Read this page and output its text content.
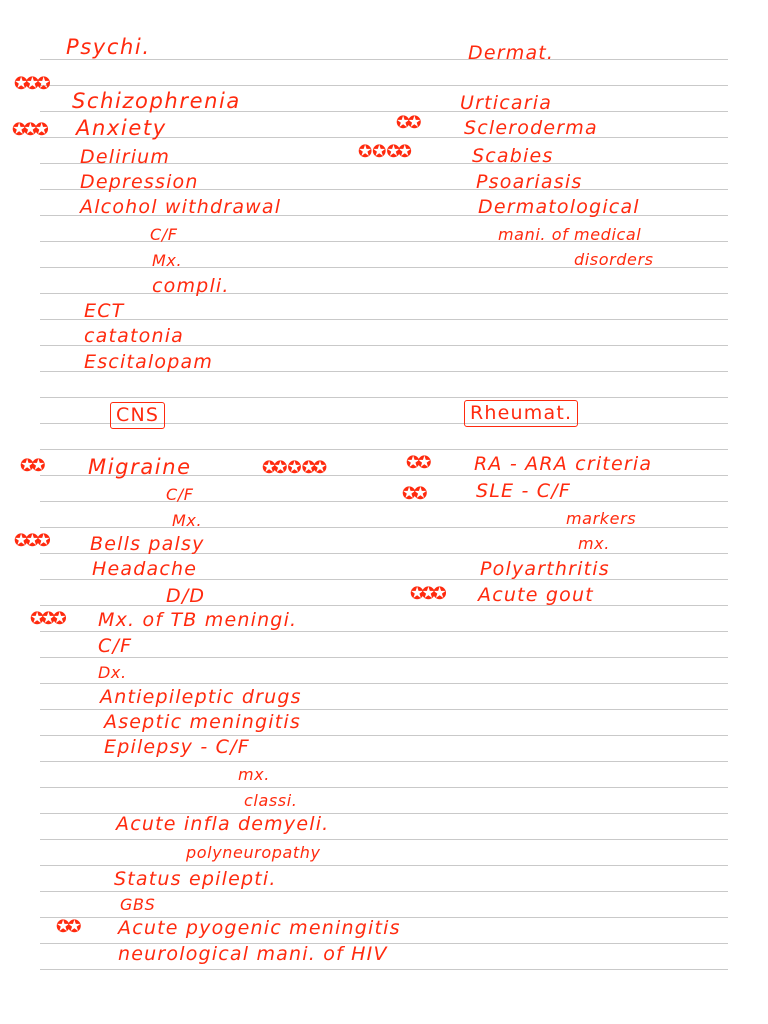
Psychi.
Schizophrenia
Anxiety
Delirium
Depression
Alcohol withdrawal
C/F
Mx.
compli.
ECT
catatonia
Escitalopam
Dermat.
Urticaria
Scleroderma
Scabies
Psoariasis
Dermatological
mani. of medical
disorders
CNS
Migraine
C/F
Mx.
Bells palsy
Headache
D/D
Mx. of TB meningi.
C/F
Dx.
Antiepileptic drugs
Aseptic meningitis
Epilepsy - C/F
mx.
classi.
Acute infla demyeli.
polyneuropathy
Status epilepti.
GBS
Acute pyogenic meningitis
neurological mani. of HIV
Rheumat.
RA - ARA criteria
SLE - C/F
markers
mx.
Polyarthritis
Acute gout
✪✪✪
✪✪✪	✪✪
✪ ✪ ✪✪
✪✪	✪✪ ✪ ✪✪	✪✪
✪✪
✪✪✪
✪✪✪
✪✪✪
✪✪
